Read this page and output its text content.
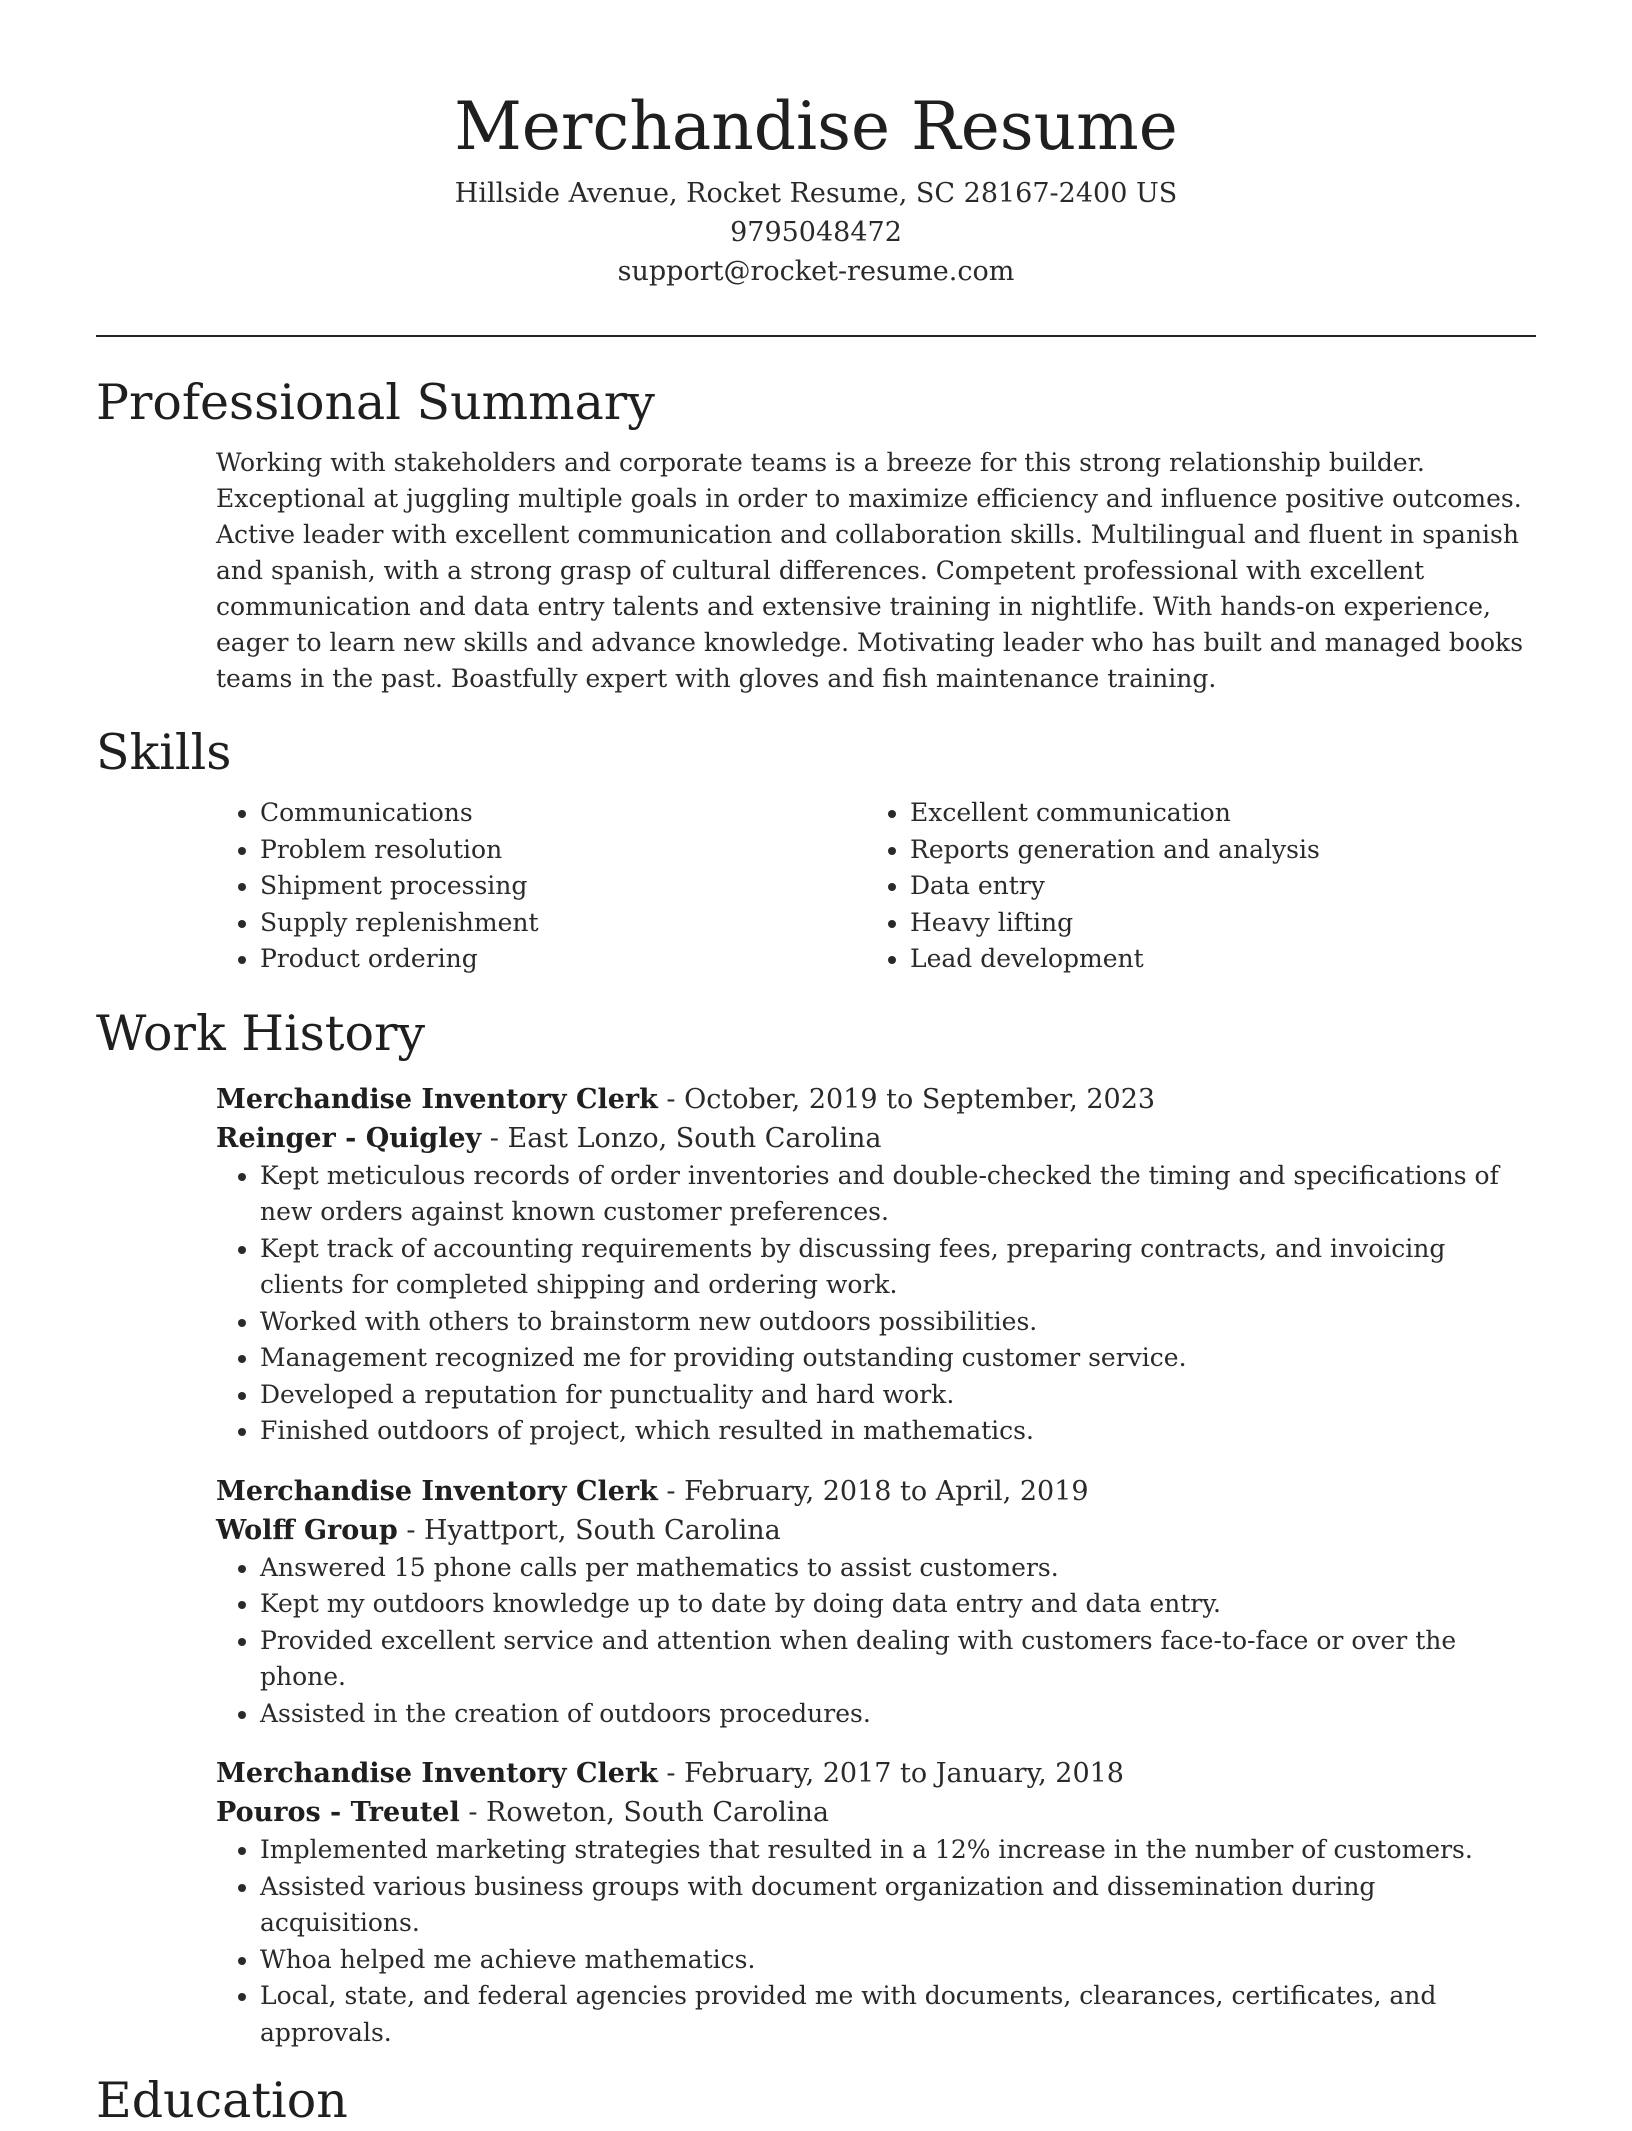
Merchandise Resume
Hillside Avenue, Rocket Resume, SC 28167-2400 US
9795048472
support@rocket-resume.com
Professional Summary

Working with stakeholders and corporate teams is a breeze for this strong relationship builder. Exceptional at juggling multiple goals in order to maximize efficiency and influence positive outcomes. Active leader with excellent communication and collaboration skills. Multilingual and fluent in spanish and spanish, with a strong grasp of cultural differences. Competent professional with excellent communication and data entry talents and extensive training in nightlife. With hands-on experience, eager to learn new skills and advance knowledge. Motivating leader who has built and managed books teams in the past. Boastfully expert with gloves and fish maintenance training.

Skills
• Communications
• Problem resolution
• Shipment processing
• Supply replenishment
• Product ordering
• Excellent communication
• Reports generation and analysis
• Data entry
• Heavy lifting
• Lead development
Work History
Merchandise Inventory Clerk - October, 2019 to September, 2023
Reinger - Quigley - East Lonzo, South Carolina
• Kept meticulous records of order inventories and double-checked the timing and specifications of new orders against known customer preferences.
• Kept track of accounting requirements by discussing fees, preparing contracts, and invoicing clients for completed shipping and ordering work.
• Worked with others to brainstorm new outdoors possibilities.
• Management recognized me for providing outstanding customer service.
• Developed a reputation for punctuality and hard work.
• Finished outdoors of project, which resulted in mathematics.
Merchandise Inventory Clerk - February, 2018 to April, 2019
Wolff Group - Hyattport, South Carolina
• Answered 15 phone calls per mathematics to assist customers.
• Kept my outdoors knowledge up to date by doing data entry and data entry.
• Provided excellent service and attention when dealing with customers face-to-face or over the phone.
• Assisted in the creation of outdoors procedures.
Merchandise Inventory Clerk - February, 2017 to January, 2018
Pouros - Treutel - Roweton, South Carolina
• Implemented marketing strategies that resulted in a 12% increase in the number of customers.
• Assisted various business groups with document organization and dissemination during acquisitions.
• Whoa helped me achieve mathematics.
• Local, state, and federal agencies provided me with documents, clearances, certificates, and approvals.
Education
